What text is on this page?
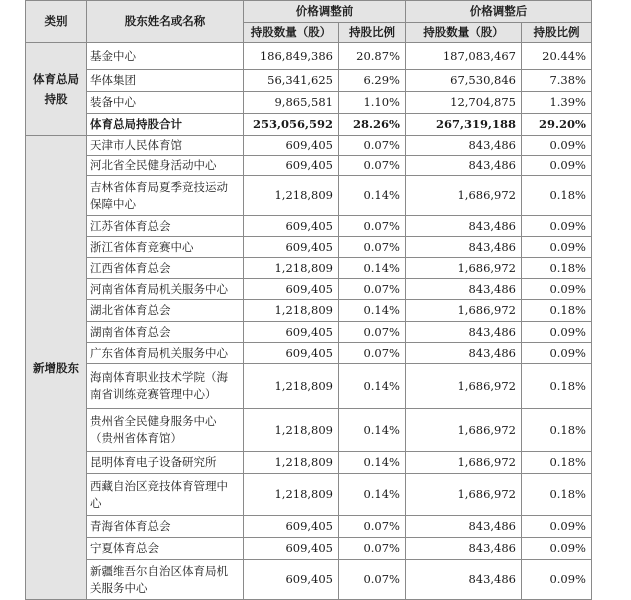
类别	股东姓名或名称	价格调整前		价格调整后	
		持股数量（股）	持股比例	持股数量（股）	持股比例
体育总局持股	基金中心	186,849,386	20.87%	187,083,467	20.44%
	华体集团	56,341,625	6.29%	67,530,846	7.38%
	装备中心	9,865,581	1.10%	12,704,875	1.39%
	体育总局持股合计	253,056,592	28.26%	267,319,188	29.20%
新增股东	天津市人民体育馆	609,405	0.07%	843,486	0.09%
	河北省全民健身活动中心	609,405	0.07%	843,486	0.09%
	吉林省体育局夏季竞技运动保障中心	1,218,809	0.14%	1,686,972	0.18%
	江苏省体育总会	609,405	0.07%	843,486	0.09%
	浙江省体育竞赛中心	609,405	0.07%	843,486	0.09%
	江西省体育总会	1,218,809	0.14%	1,686,972	0.18%
	河南省体育局机关服务中心	609,405	0.07%	843,486	0.09%
	湖北省体育总会	1,218,809	0.14%	1,686,972	0.18%
	湖南省体育总会	609,405	0.07%	843,486	0.09%
	广东省体育局机关服务中心	609,405	0.07%	843,486	0.09%
	海南体育职业技术学院（海南省训练竞赛管理中心）	1,218,809	0.14%	1,686,972	0.18%
	贵州省全民健身服务中心（贵州省体育馆）	1,218,809	0.14%	1,686,972	0.18%
	昆明体育电子设备研究所	1,218,809	0.14%	1,686,972	0.18%
	西藏自治区竞技体育管理中心	1,218,809	0.14%	1,686,972	0.18%
	青海省体育总会	609,405	0.07%	843,486	0.09%
	宁夏体育总会	609,405	0.07%	843,486	0.09%
	新疆维吾尔自治区体育局机关服务中心	609,405	0.07%	843,486	0.09%
